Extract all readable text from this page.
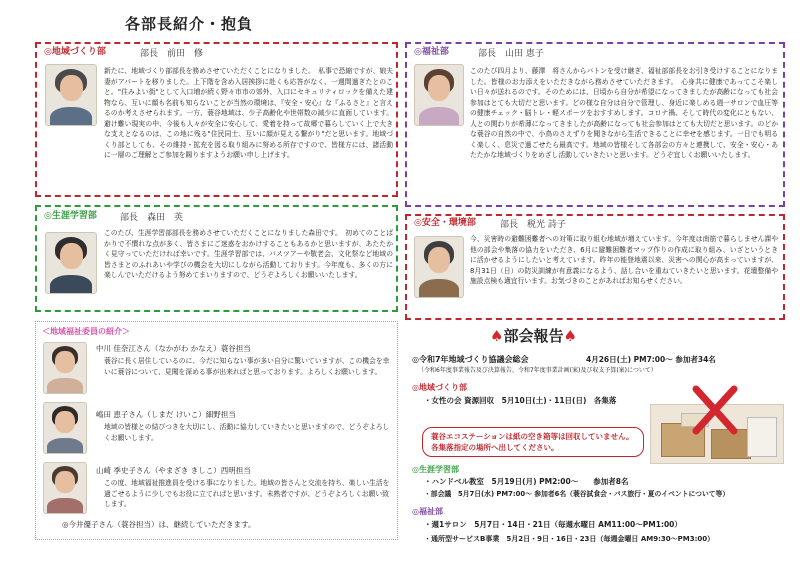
各部長紹介・抱負
◎地域づくり部	部長　前田　修
新たに、地域づくり部部長を務めさせていただくことになりました。　私事で恐縮ですが、娘夫妻がアパートを移りました。上下階を含め入居挨拶に赴くも応答がなく、一週間過ぎたとのこと。"住みよい街"として入口増が続く野々市市の郊外、入口にセキュリティロックを備えた建物なら、互いに顔も名前も知らないことが当然の環境は、『安全・安心』な『ふるさと』と言えるのか考えさせられます。一方、蓑谷地域は、少子高齢化や世帯数の減少に直面しています。避け難い現実の中、今後も人々が安全に安心して、愛着を持って故郷で暮らしていく上で大きな支えとなるのは、この地に残る"住民同士、互いに顔が見える繋がり"だと思います。地域づくり部としても、その維持・拡充を図る取り組みに努める所存ですので、皆様方には、諸活動に一層のご理解とご参加を賜りますようお願い申し上げます。
◎福祉部	部長　山田 恵子
このたび四月より、藤澤　将さんからバトンを受け継ぎ、福祉部部長をお引き受けすることになりました。皆様のお力添えをいただきながら務めさせていただきます。　心身共に健康であってこそ楽しい日々が送れるのです。そのためには、日頃から自分が希望になってきましたが高齢になっても社会参加はとても大切だと思います。どの様な自分は自分で管理し、身近に楽しめる週一サロンで血圧等の健康チェック・脳トレ・軽スポーツをおすすめします。コロナ禍、そして時代の変化にともない、人との関わりが希薄になってきましたが高齢になっても社会参加はとても大切だと思います。のどかな蓑谷の自然の中で、小鳥のさえずりを聞きながら生活できることに幸せを感じます。一日でも明るく楽しく、息災で過ごせたら最高です。地域の皆様そして各部会の方々と連携して、安全・安心・あたたかな地域づくりをめざし活動していきたいと思います。どうぞ宜しくお願いいたします。
◎生涯学習部	部長　森田　英
このたび、生涯学習部部長を務めさせていただくことになりました森田です。　初めてのことばかりで不慣れな点が多く、皆さまにご迷惑をおかけすることもあるかと思いますが、あたたかく見守っていただければ幸いです。生涯学習部では、バスツアーや敬老会、文化祭など地域の皆さまとのふれあいや学びの機会を大切にしながら活動しております。今年度も、多くの方に楽しんでいただけるよう努めてまいりますので、どうぞよろしくお願いいたします。
◎安全・環境部	部長　税光 詩子
今、災害時の避難困難者への対策に取り組む地域が増えています。今年度は南筋で暮らしません課や他の部会や集落の協力をいただき、6月に避難困難者マップ作りの作成に取り組み、いざというときに活かせるようにしたいと考えています。昨年の能登地震以来、災害への関心が高まっていますが、8月31日（日）の防災訓練が有意義になるよう、話し合いを重ねていきたいと思います。花壇整備や施設点検も適宜行います。お気づきのことがあればお知らせください。
＜地域福祉委員の紹介＞
中川 佳奈江さん（なかがわ かなえ）蓑谷担当
蓑谷に長く居住しているのに、今だに知らない事が多い自分に驚いていますが、この機会を幸いに蓑谷について、見聞を深める事が出来ればと思っております。よろしくお願いします。
嶋田 恵子さん（しまだ けいこ）細野担当
地域の皆様との結びつきを大切にし、活動に協力していきたいと思いますので、どうぞよろしくお願いします。
山崎 季史子さん（やまざき きしこ）西明担当
この度、地域福祉推進員を受ける事になりました。地域の皆さんと交流を持ち、楽しい生活を過ごせるように少しでもお役に立てればと思います。未熟者ですが、どうぞよろしくお願い致します。
◎今井優子さん（蓑谷担当）は、継続していただきます。
♠部会報告♠
◎令和7年地域づくり協議会総会	4月26日(土) PM7:00～ 参加者34名
（令和6年度事業報告及び決算報告、令和7年度事業計画(案)及び収支予算(案)について）
◎地域づくり部
・女性の会 資源回収　5月10日(土)・11日(日)　各集落
蓑谷エコステーションは紙の空き箱等は回収していません。各集落指定の場所へ出してください。
◎生涯学習部
・ハンドベル教室　5月19日(月) PM2:00～　　参加者8名
・部会議　5月7日(水) PM7:00～ 参加者6名（蓑谷試食会・バス旅行・夏のイベントについて等）
◎福祉部
・週1サロン　5月7日・14日・21日（毎週水曜日 AM11:00～PM1:00）
・通所型サービスB事業　5月2日・9日・16日・23日（毎週金曜日 AM9:30～PM3:00）
